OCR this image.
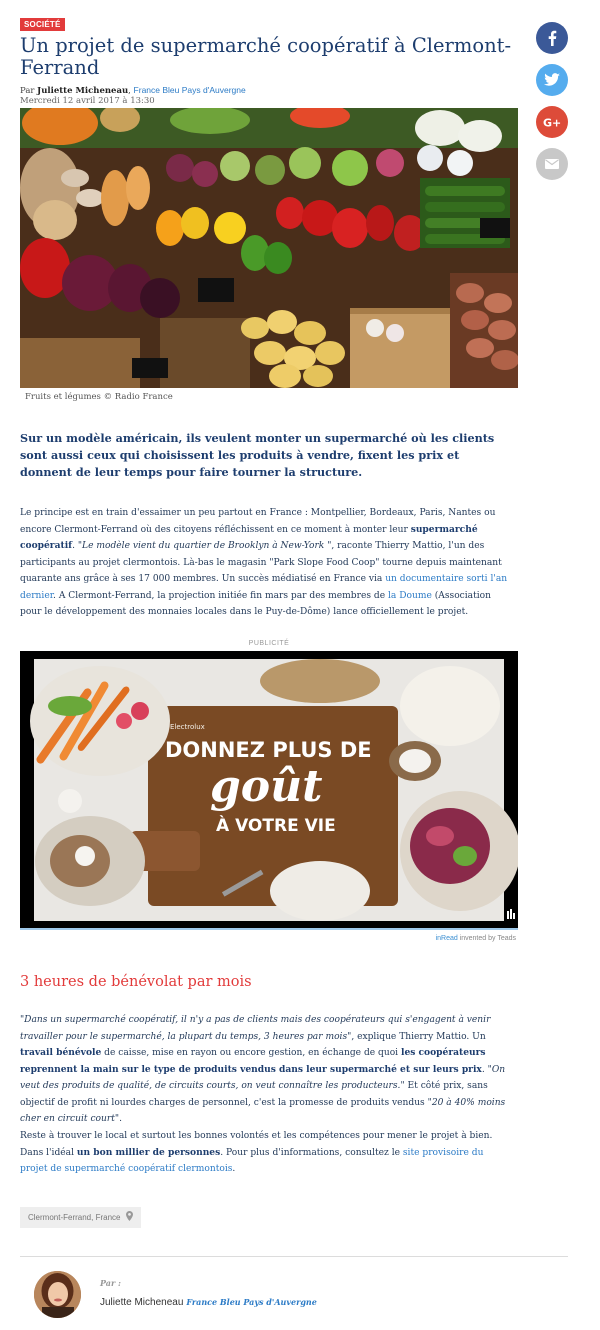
G+
SOCIÉTÉ
Un projet de supermarché coopératif à Clermont-Ferrand
Par Juliette Micheneau, France Bleu Pays d'Auvergne
Mercredi 12 avril 2017 à 13:30
Fruits et légumes © Radio France

Sur un modèle américain, ils veulent monter un supermarché où les clients sont aussi ceux qui choisissent les produits à vendre, fixent les prix et donnent de leur temps pour faire tourner la structure.

Le principe est en train d'essaimer un peu partout en France : Montpellier, Bordeaux, Paris, Nantes ou encore Clermont-Ferrand où des citoyens réfléchissent en ce moment à monter leur supermarché coopératif. "Le modèle vient du quartier de Brooklyn à New-York ", raconte Thierry Mattio, l'un des participants au projet clermontois. Là-bas le magasin "Park Slope Food Coop" tourne depuis maintenant quarante ans grâce à ses 17 000 membres. Un succès médiatisé en France via un documentaire sorti l'an dernier. A Clermont-Ferrand, la projection initiée fin mars par des membres de la Doume (Association pour le développement des monnaies locales dans le Puy-de-Dôme) lance officiellement le projet.

PUBLICITÉ
Electrolux
DONNEZ PLUS DE
goût
À VOTRE VIE
inRead invented by Teads
3 heures de bénévolat par mois

"Dans un supermarché coopératif, il n'y a pas de clients mais des coopérateurs qui s'engagent à venir travailler pour le supermarché, la plupart du temps, 3 heures par mois", explique Thierry Mattio. Un travail bénévole de caisse, mise en rayon ou encore gestion, en échange de quoi les coopérateurs reprennent la main sur le type de produits vendus dans leur supermarché et sur leurs prix. "On veut des produits de qualité, de circuits courts, on veut connaître les producteurs." Et côté prix, sans objectif de profit ni lourdes charges de personnel, c'est la promesse de produits vendus "20 à 40% moins cher en circuit court".

Reste à trouver le local et surtout les bonnes volontés et les compétences pour mener le projet à bien. Dans l'idéal un bon millier de personnes. Pour plus d'informations, consultez le site provisoire du projet de supermarché coopératif clermontois.

Clermont-Ferrand, France
Par :
Juliette Micheneau France Bleu Pays d'Auvergne
